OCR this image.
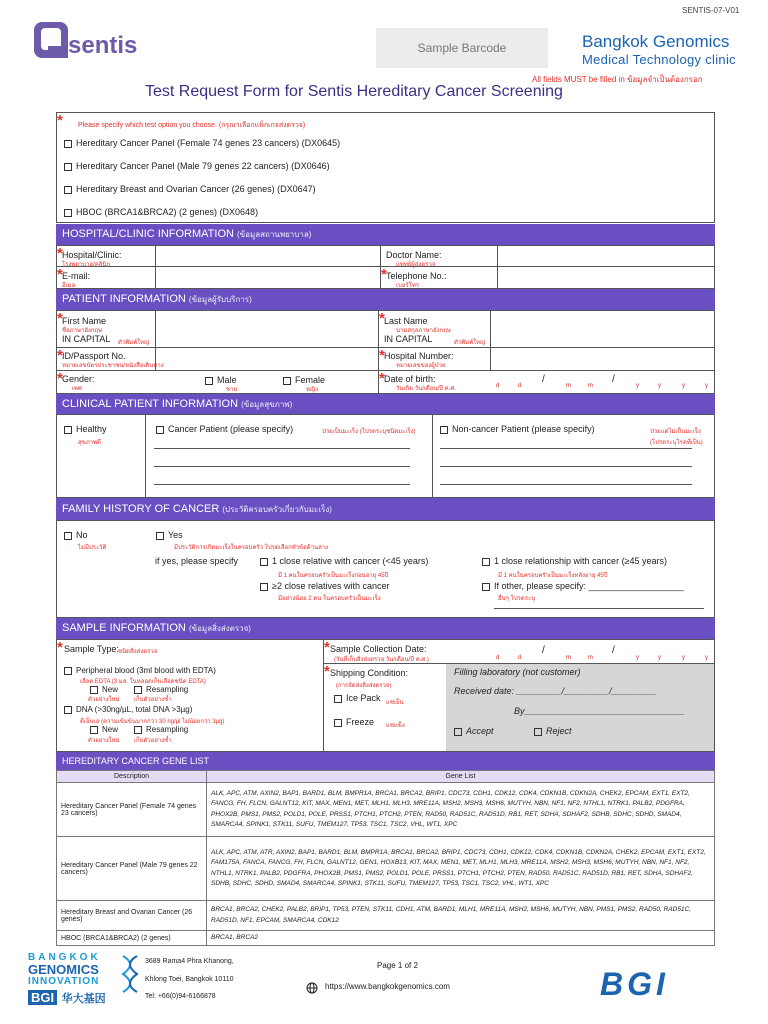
sentis
SENTIS-07-V01
Sample Barcode	Bangkok Genomics
Medical Technology clinic
All fields MUST be filled in ข้อมูลจำเป็นต้องกรอก
Test Request Form for Sentis Hereditary Cancer Screening
* Please specify which test option you choose. (กรุณาเลือกแพ็กเกจส่งตรวจ)
Hereditary Cancer Panel (Female 74 genes 23 cancers) (DX0645)
Hereditary Cancer Panel (Male 79 genes 22 cancers) (DX0646)
Hereditary Breast and Ovarian Cancer (26 genes) (DX0647)
HBOC (BRCA1&BRCA2) (2 genes) (DX0648)
HOSPITAL/CLINIC INFORMATION (ข้อมูลสถานพยาบาล)
* Hospital/Clinic:
โรงพยาบาล/คลินิก
Doctor Name:
แพทย์ผู้ส่งตรวจ
* E-mail:
อีเมล
* Telephone No.:
เบอร์โทร
PATIENT INFORMATION (ข้อมูลผู้รับบริการ)
* First Name
ชื่อภาษาอังกฤษ
IN CAPITAL ตัวพิมพ์ใหญ่
* Last Name
นามสกุลภาษาอังกฤษ
IN CAPITAL	ตัวพิมพ์ใหญ่
* ID/Passport No.
หมายเลขบัตรประชาชน/หนังสือเดินทาง
* Hospital Number:
หมายเลขของผู้ป่วย
* Gender:
เพศ
Male
ชาย
Female
หญิง
* Date of birth:
วันเกิด วัน/เดือน/ปี ค.ศ.	d	d
/
m	m
/
y	y	y	y
CLINICAL PATIENT INFORMATION (ข้อมูลสุขภาพ)
Healthy
สุขภาพดี
Cancer Patient (please specify)	ป่วยเป็นมะเร็ง (โปรดระบุชนิดมะเร็ง)	Non-cancer Patient (please specify)	ป่วยแต่ไม่เป็นมะเร็ง
(โปรดระบุโรคที่เป็น)
FAMILY HISTORY OF CANCER (ประวัติครอบครัวเกี่ยวกับมะเร็ง)
No
ไม่มีประวัติ
Yes
มีประวัติการเกิดมะเร็งในครอบครัว โปรดเลือกหัวข้อด้านล่าง
if yes, please specify	1 close relative with cancer (<45 years)
มี 1 คนในครอบครัวเป็นมะเร็งก่อนอายุ 45ปี
≥2 close relatives with cancer
มีอย่างน้อย 2 คน ในครอบครัวเป็นมะเร็ง
1 close relationship with cancer (≥45 years)
มี 1 คนในครอบครัวเป็นมะเร็งหลังอายุ 45ปี
If other, please specify: ___________________
อื่นๆ โปรดระบุ
SAMPLE INFORMATION (ข้อมูลสิ่งส่งตรวจ)
* Sample Type: ชนิดสิ่งส่งตรวจ
Peripheral blood (3ml blood with EDTA)
เลือด EDTA (3 มล. ในหลอดเก็บเลือดชนิด EDTA)
New
ตัวอย่างใหม่
Resampling
เก็บตัวอย่างซ้ำ
DNA (>30ng/µL, total DNA >3µg)
ดีเอ็นเอ (ความเข้มข้นมากกว่า 30 ng/µl ไม่น้อยกว่า 3µg)
New
ตัวอย่างใหม่
Resampling
เก็บตัวอย่างซ้ำ
* Sample Collection Date:
(วันที่เก็บสิ่งส่งตรวจ วัน/เดือน/ปี ค.ศ.)	d	d
/
m	m
/
y	y	y	y
* Shipping Condition:
(การจัดส่งสิ่งส่งตรวจ)
Ice Pack แช่เย็น
Freeze แช่แข็ง
Filling laboratory (not customer)
Received date: _________/_________/_________
By________________________________
Accept	Reject
HEREDITARY CANCER GENE LIST
Description	Gene List
Hereditary Cancer Panel (Female 74 genes 23 cancers)	ALK, APC, ATM, AXIN2, BAP1, BARD1, BLM, BMPR1A, BRCA1, BRCA2, BRIP1, CDC73, CDH1, CDK12, CDK4, CDKN1B, CDKN2A, CHEK2, EPCAM, EXT1, EXT2, FANCG, FH, FLCN, GALNT12, KIT, MAX, MEN1, MET, MLH1, MLH3, MRE11A, MSH2, MSH3, MSH6, MUTYH, NBN, NF1, NF2, NTHL1, NTRK1, PALB2, PDGFRA, PHOX2B, PMS1, PMS2, POLD1, POLE, PRSS1, PTCH1, PTCH2, PTEN, RAD50, RAD51C, RAD51D, RB1, RET, SDHA, SDHAF2, SDHB, SDHC, SDHD, SMAD4, SMARCA4, SPINK1, STK11, SUFU, TMEM127, TP53, TSC1, TSC2, VHL, WT1, XPC
Hereditary Cancer Panel (Male 79 genes 22 cancers)	ALK, APC, ATM, ATR, AXIN2, BAP1, BARD1, BLM, BMPR1A, BRCA1, BRCA2, BRIP1, CDC73, CDH1, CDK12, CDK4, CDKN1B, CDKN2A, CHEK2, EPCAM, EXT1, EXT2, FAM175A, FANCA, FANCG, FH, FLCN, GALNT12, GEN1, HOXB13, KIT, MAX, MEN1, MET, MLH1, MLH3, MRE11A, MSH2, MSH3, MSH6, MUTYH, NBN, NF1, NF2, NTHL1, NTRK1, PALB2, PDGFRA, PHOX2B, PMS1, PMS2, POLD1, POLE, PRSS1, PTCH1, PTCH2, PTEN, RAD50, RAD51C, RAD51D, RB1, RET, SDHA, SDHAF2, SDHB, SDHC, SDHD, SMAD4, SMARCA4, SPINK1, STK11, SUFU, TMEM127, TP53, TSC1, TSC2, VHL, WT1, XPC
Hereditary Breast and Ovarian Cancer (26 genes)	BRCA1, BRCA2, CHEK2, PALB2, BRIP1, TP53, PTEN, STK11, CDH1, ATM, BARD1, MLH1, MRE11A, MSH2, MSH6, MUTYH, NBN, PMS1, PMS2, RAD50, RAD51C, RAD51D, NF1, EPCAM, SMARCA4, CDK12
HBOC (BRCA1&BRCA2) (2 genes)	BRCA1, BRCA2
BANGKOK
GENOMICS
INNOVATION
BGI 华大基因
3689 Rama4 Phra Khanong,
Khlong Toei, Bangkok 10110
Tel: +66(0)94-6166878
Page 1 of 2
https://www.bangkokgenomics.com	BGI
